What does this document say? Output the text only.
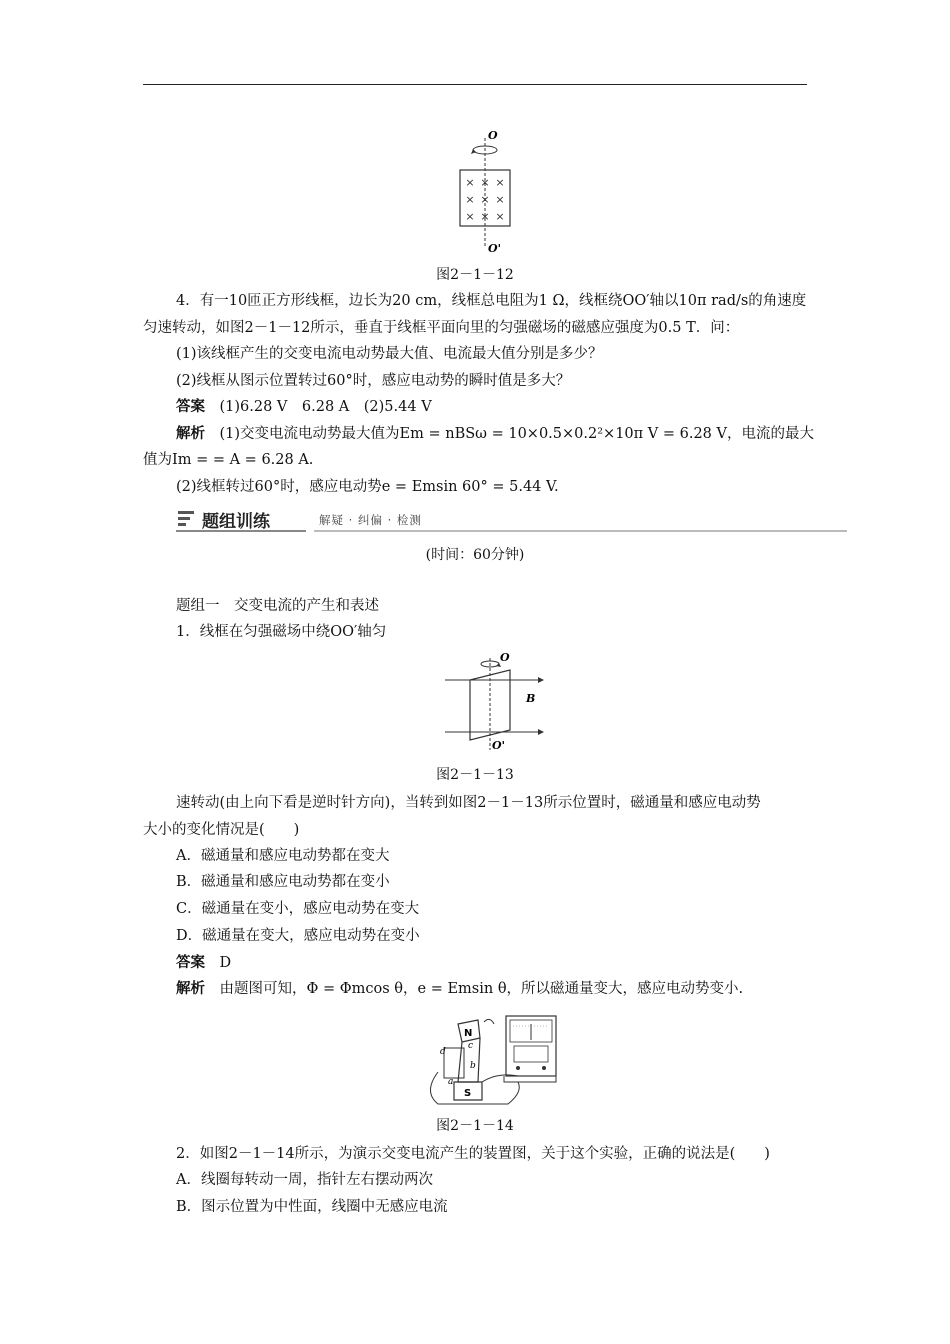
× × ×
× × ×
× × ×
O
O'
图2－1－12
4．有一10匝正方形线框，边长为20 cm，线框总电阻为1 Ω，线框绕OO′轴以10π rad/s的角速度
匀速转动，如图2－1－12所示，垂直于线框平面向里的匀强磁场的磁感应强度为0.5 T．问：
(1)该线框产生的交变电流电动势最大值、电流最大值分别是多少？
(2)线框从图示位置转过60°时，感应电动势的瞬时值是多大？
答案　 (1)6.28 V　6.28 A　(2)5.44 V
解析　 (1)交变电流电动势最大值为Em = nBSω = 10×0.5×0.2²×10π V = 6.28 V，电流的最大
值为Im = = A = 6.28 A.
(2)线框转过60°时，感应电动势e = Emsin 60° = 5.44 V.
题组训练	解疑 · 纠偏 · 检测
(时间：60分钟)
题组一　交变电流的产生和表述
1．线框在匀强磁场中绕OO′轴匀
O
O'
B
图2－1－13
速转动(由上向下看是逆时针方向)，当转到如图2－1－13所示位置时，磁通量和感应电动势
大小的变化情况是(　　)
A．磁通量和感应电动势都在变大
B．磁通量和感应电动势都在变小
C．磁通量在变小，感应电动势在变大
D．磁通量在变大，感应电动势在变小
答案　 D
解析　 由题图可知，Φ = Φmcos θ，e = Emsin θ，所以磁通量变大，感应电动势变小.
N
S
d
c
b
a
图2－1－14
2．如图2－1－14所示，为演示交变电流产生的装置图，关于这个实验，正确的说法是(　　)
A．线圈每转动一周，指针左右摆动两次
B．图示位置为中性面，线圈中无感应电流
